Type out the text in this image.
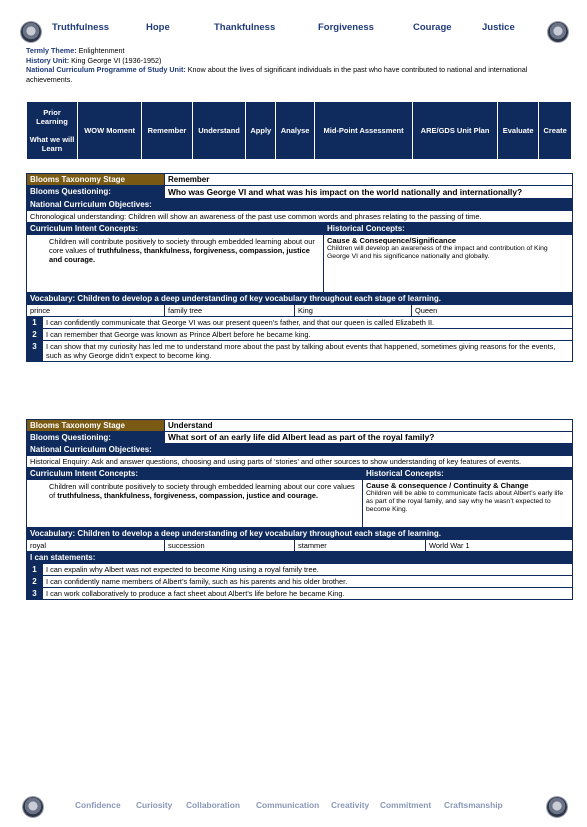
Truthfulness	Hope	Thankfulness	Forgiveness	Courage	Justice
Termly Theme: Enlightenment
History Unit: King George VI (1936-1952)
National Curriculum Programme of Study Unit: Know about the lives of significant individuals in the past who have contributed to national and international achievements.
Prior Learning

What we will Learn	WOW Moment	Remember	Understand	Apply	Analyse	Mid-Point Assessment	ARE/GDS Unit Plan	Evaluate	Create
Blooms Taxonomy Stage	Remember
Blooms Questioning:	Who was George VI and what was his impact on the world nationally and internationally?
National Curriculum Objectives:
Chronological understanding: Children will show an awareness of the past use common words and phrases relating to the passing of time.
Curriculum Intent Concepts:	Historical Concepts:
Children will contribute positively to society through embedded learning about our core values of truthfulness, thankfulness, forgiveness, compassion, justice and courage.	
Cause & Consequence/Significance
Children will develop an awareness of the impact and contribution of King George VI and his significance nationally and globally.

Vocabulary: Children to develop a deep understanding of key vocabulary throughout each stage of learning.
prince	family tree		King	Queen

1	I can confidently communicate that George VI was our present queen’s father, and that our queen is called Elizabeth II.
2	I can remember that George was known as Prince Albert before he became king.
3	I can show that my curiosity has led me to understand more about the past by talking about events that happened, sometimes giving reasons for the events, such as why George didn’t expect to become king.
Blooms Taxonomy Stage	Understand
Blooms Questioning:	What sort of an early life did Albert lead as part of the royal family?
National Curriculum Objectives:
Historical Enquiry: Ask and answer questions, choosing and using parts of ‘stories’ and other sources to show understanding of key features of events.
Curriculum Intent Concepts:	Historical Concepts:
Children will contribute positively to society through embedded learning about our core values of truthfulness, thankfulness, forgiveness, compassion, justice and courage.	
Cause & consequence / Continuity & Change
Children will be able to communicate facts about Albert’s early life as part of the royal family, and say why he wasn’t expected to become King.

Vocabulary: Children to develop a deep understanding of key vocabulary throughout each stage of learning.
royal	succession		stammer	World War 1

I can statements:
1	I can expalin why Albert was not expected to become King using a royal family tree.
2	I can confidently name members of Albert’s family, such as his parents and his older brother.
3	I can work collaboratively to produce a fact sheet about Albert’s life before he became King.
Confidence Curiosity Collaboration Communication Creativity Commitment Craftsmanship
